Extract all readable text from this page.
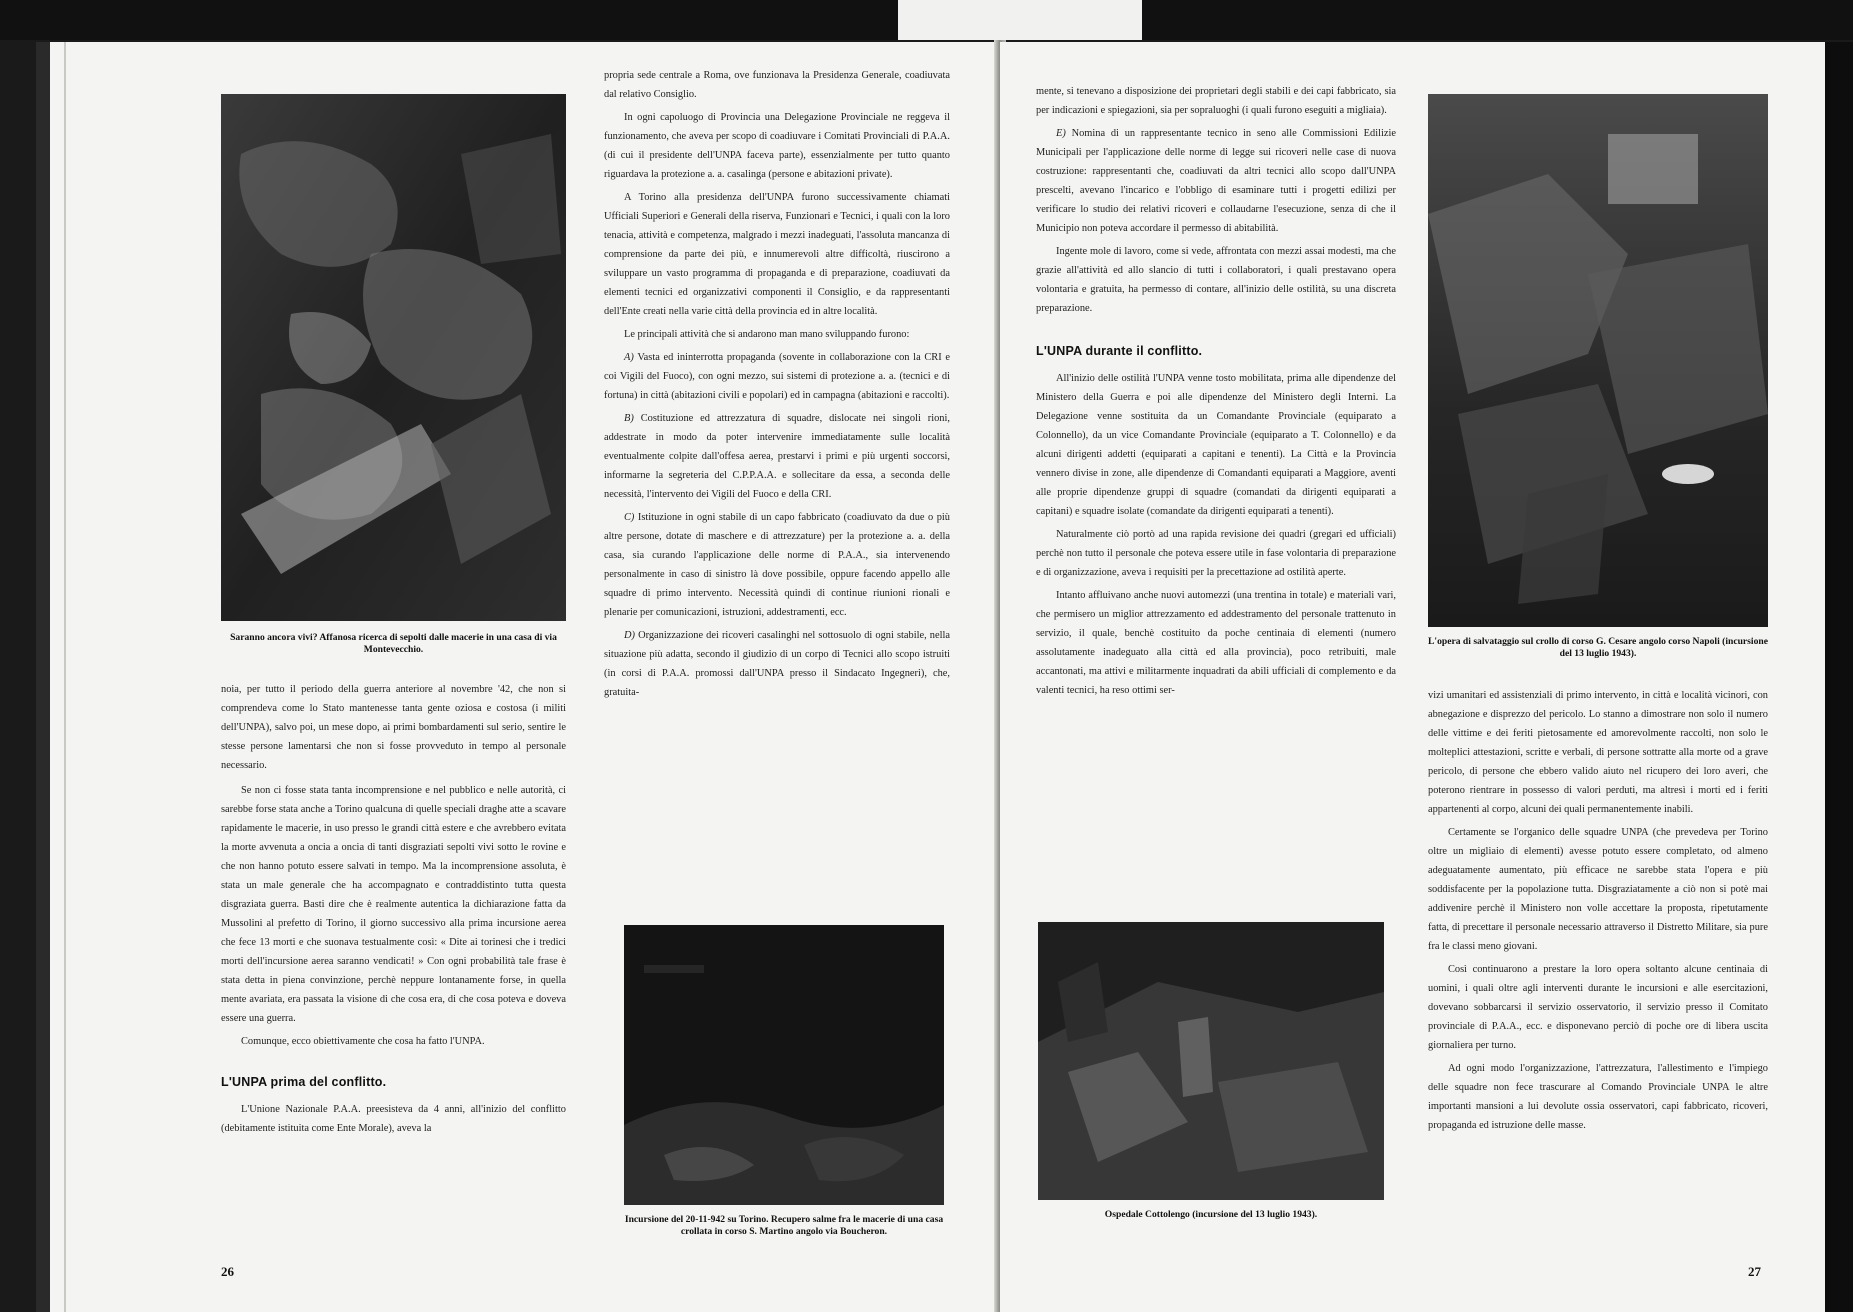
Saranno ancora vivi? Affanosa ricerca di sepolti dalle macerie in una casa di via Montevecchio.

noia, per tutto il periodo della guerra anteriore al novembre '42, che non si comprendeva come lo Stato mantenesse tanta gente oziosa e costosa (i militi dell'UNPA), salvo poi, un mese dopo, ai primi bombardamenti sul serio, sentire le stesse persone lamentarsi che non si fosse provveduto in tempo al personale necessario.

Se non ci fosse stata tanta incomprensione e nel pubblico e nelle autorità, ci sarebbe forse stata anche a Torino qualcuna di quelle speciali draghe atte a scavare rapidamente le macerie, in uso presso le grandi città estere e che avrebbero evitata la morte avvenuta a oncia a oncia di tanti disgraziati sepolti vivi sotto le rovine e che non hanno potuto essere salvati in tempo. Ma la incomprensione assoluta, è stata un male generale che ha accompagnato e contraddistinto tutta questa disgraziata guerra. Basti dire che è realmente autentica la dichiarazione fatta da Mussolini al prefetto di Torino, il giorno successivo alla prima incursione aerea che fece 13 morti e che suonava testualmente così: « Dite ai torinesi che i tredici morti dell'incursione aerea saranno vendicati! » Con ogni probabilità tale frase è stata detta in piena convinzione, perchè neppure lontanamente forse, in quella mente avariata, era passata la visione di che cosa era, di che cosa poteva e doveva essere una guerra.

Comunque, ecco obiettivamente che cosa ha fatto l'UNPA.

L'UNPA prima del conflitto.

L'Unione Nazionale P.A.A. preesisteva da 4 anni, all'inizio del conflitto (debitamente istituita come Ente Morale), aveva la

propria sede centrale a Roma, ove funzionava la Presidenza Generale, coadiuvata dal relativo Consiglio.

In ogni capoluogo di Provincia una Delegazione Provinciale ne reggeva il funzionamento, che aveva per scopo di coadiuvare i Comitati Provinciali di P.A.A. (di cui il presidente dell'UNPA faceva parte), essenzialmente per tutto quanto riguardava la protezione a. a. casalinga (persone e abitazioni private).

A Torino alla presidenza dell'UNPA furono successivamente chiamati Ufficiali Superiori e Generali della riserva, Funzionari e Tecnici, i quali con la loro tenacia, attività e competenza, malgrado i mezzi inadeguati, l'assoluta mancanza di comprensione da parte dei più, e innumerevoli altre difficoltà, riuscirono a sviluppare un vasto programma di propaganda e di preparazione, coadiuvati da elementi tecnici ed organizzativi componenti il Consiglio, e da rappresentanti dell'Ente creati nella varie città della provincia ed in altre località.

Le principali attività che si andarono man mano sviluppando furono:

A) Vasta ed ininterrotta propaganda (sovente in collaborazione con la CRI e coi Vigili del Fuoco), con ogni mezzo, sui sistemi di protezione a. a. (tecnici e di fortuna) in città (abitazioni civili e popolari) ed in campagna (abitazioni e raccolti).

B) Costituzione ed attrezzatura di squadre, dislocate nei singoli rioni, addestrate in modo da poter intervenire immediatamente sulle località eventualmente colpite dall'offesa aerea, prestarvi i primi e più urgenti soccorsi, informarne la segreteria del C.P.P.A.A. e sollecitare da essa, a seconda delle necessità, l'intervento dei Vigili del Fuoco e della CRI.

C) Istituzione in ogni stabile di un capo fabbricato (coadiuvato da due o più altre persone, dotate di maschere e di attrezzature) per la protezione a. a. della casa, sia curando l'applicazione delle norme di P.A.A., sia intervenendo personalmente in caso di sinistro là dove possibile, oppure facendo appello alle squadre di primo intervento. Necessità quindi di continue riunioni rionali e plenarie per comunicazioni, istruzioni, addestramenti, ecc.

D) Organizzazione dei ricoveri casalinghi nel sottosuolo di ogni stabile, nella situazione più adatta, secondo il giudizio di un corpo di Tecnici allo scopo istruiti (in corsi di P.A.A. promossi dall'UNPA presso il Sindacato Ingegneri), che, gratuita-

Incursione del 20-11-942 su Torino. Recupero salme fra le macerie di una casa crollata in corso S. Martino angolo via Boucheron.
26

mente, si tenevano a disposizione dei proprietari degli stabili e dei capi fabbricato, sia per indicazioni e spiegazioni, sia per sopraluoghi (i quali furono eseguiti a migliaia).

E) Nomina di un rappresentante tecnico in seno alle Commissioni Edilizie Municipali per l'applicazione delle norme di legge sui ricoveri nelle case di nuova costruzione: rappresentanti che, coadiuvati da altri tecnici allo scopo dall'UNPA prescelti, avevano l'incarico e l'obbligo di esaminare tutti i progetti edilizi per verificare lo studio dei relativi ricoveri e collaudarne l'esecuzione, senza di che il Municipio non poteva accordare il permesso di abitabilità.

Ingente mole di lavoro, come si vede, affrontata con mezzi assai modesti, ma che grazie all'attività ed allo slancio di tutti i collaboratori, i quali prestavano opera volontaria e gratuita, ha permesso di contare, all'inizio delle ostilità, su una discreta preparazione.

L'UNPA durante il conflitto.

All'inizio delle ostilità l'UNPA venne tosto mobilitata, prima alle dipendenze del Ministero della Guerra e poi alle dipendenze del Ministero degli Interni. La Delegazione venne sostituita da un Comandante Provinciale (equiparato a Colonnello), da un vice Comandante Provinciale (equiparato a T. Colonnello) e da alcuni dirigenti addetti (equiparati a capitani e tenenti). La Città e la Provincia vennero divise in zone, alle dipendenze di Comandanti equiparati a Maggiore, aventi alle proprie dipendenze gruppi di squadre (comandati da dirigenti equiparati a capitani) e squadre isolate (comandate da dirigenti equiparati a tenenti).

Naturalmente ciò portò ad una rapida revisione dei quadri (gregari ed ufficiali) perchè non tutto il personale che poteva essere utile in fase volontaria di preparazione e di organizzazione, aveva i requisiti per la precettazione ad ostilità aperte.

Intanto affluivano anche nuovi automezzi (una trentina in totale) e materiali vari, che permisero un miglior attrezzamento ed addestramento del personale trattenuto in servizio, il quale, benchè costituito da poche centinaia di elementi (numero assolutamente inadeguato alla città ed alla provincia), poco retribuiti, male accantonati, ma attivi e militarmente inquadrati da abili ufficiali di complemento e da valenti tecnici, ha reso ottimi ser-

Ospedale Cottolengo (incursione del 13 luglio 1943).
L'opera di salvataggio sul crollo di corso G. Cesare angolo corso Napoli (incursione del 13 luglio 1943).

vizi umanitari ed assistenziali di primo intervento, in città e località vicinori, con abnegazione e disprezzo del pericolo. Lo stanno a dimostrare non solo il numero delle vittime e dei feriti pietosamente ed amorevolmente raccolti, non solo le molteplici attestazioni, scritte e verbali, di persone sottratte alla morte od a grave pericolo, di persone che ebbero valido aiuto nel ricupero dei loro averi, che poterono rientrare in possesso di valori perduti, ma altresì i morti ed i feriti appartenenti al corpo, alcuni dei quali permanentemente inabili.

Certamente se l'organico delle squadre UNPA (che prevedeva per Torino oltre un migliaio di elementi) avesse potuto essere completato, od almeno adeguatamente aumentato, più efficace ne sarebbe stata l'opera e più soddisfacente per la popolazione tutta. Disgraziatamente a ciò non si potè mai addivenire perchè il Ministero non volle accettare la proposta, ripetutamente fatta, di precettare il personale necessario attraverso il Distretto Militare, sia pure fra le classi meno giovani.

Così continuarono a prestare la loro opera soltanto alcune centinaia di uomini, i quali oltre agli interventi durante le incursioni e alle esercitazioni, dovevano sobbarcarsi il servizio osservatorio, il servizio presso il Comitato provinciale di P.A.A., ecc. e disponevano perciò di poche ore di libera uscita giornaliera per turno.

Ad ogni modo l'organizzazione, l'attrezzatura, l'allestimento e l'impiego delle squadre non fece trascurare al Comando Provinciale UNPA le altre importanti mansioni a lui devolute ossia osservatori, capi fabbricato, ricoveri, propaganda ed istruzione delle masse.

27
